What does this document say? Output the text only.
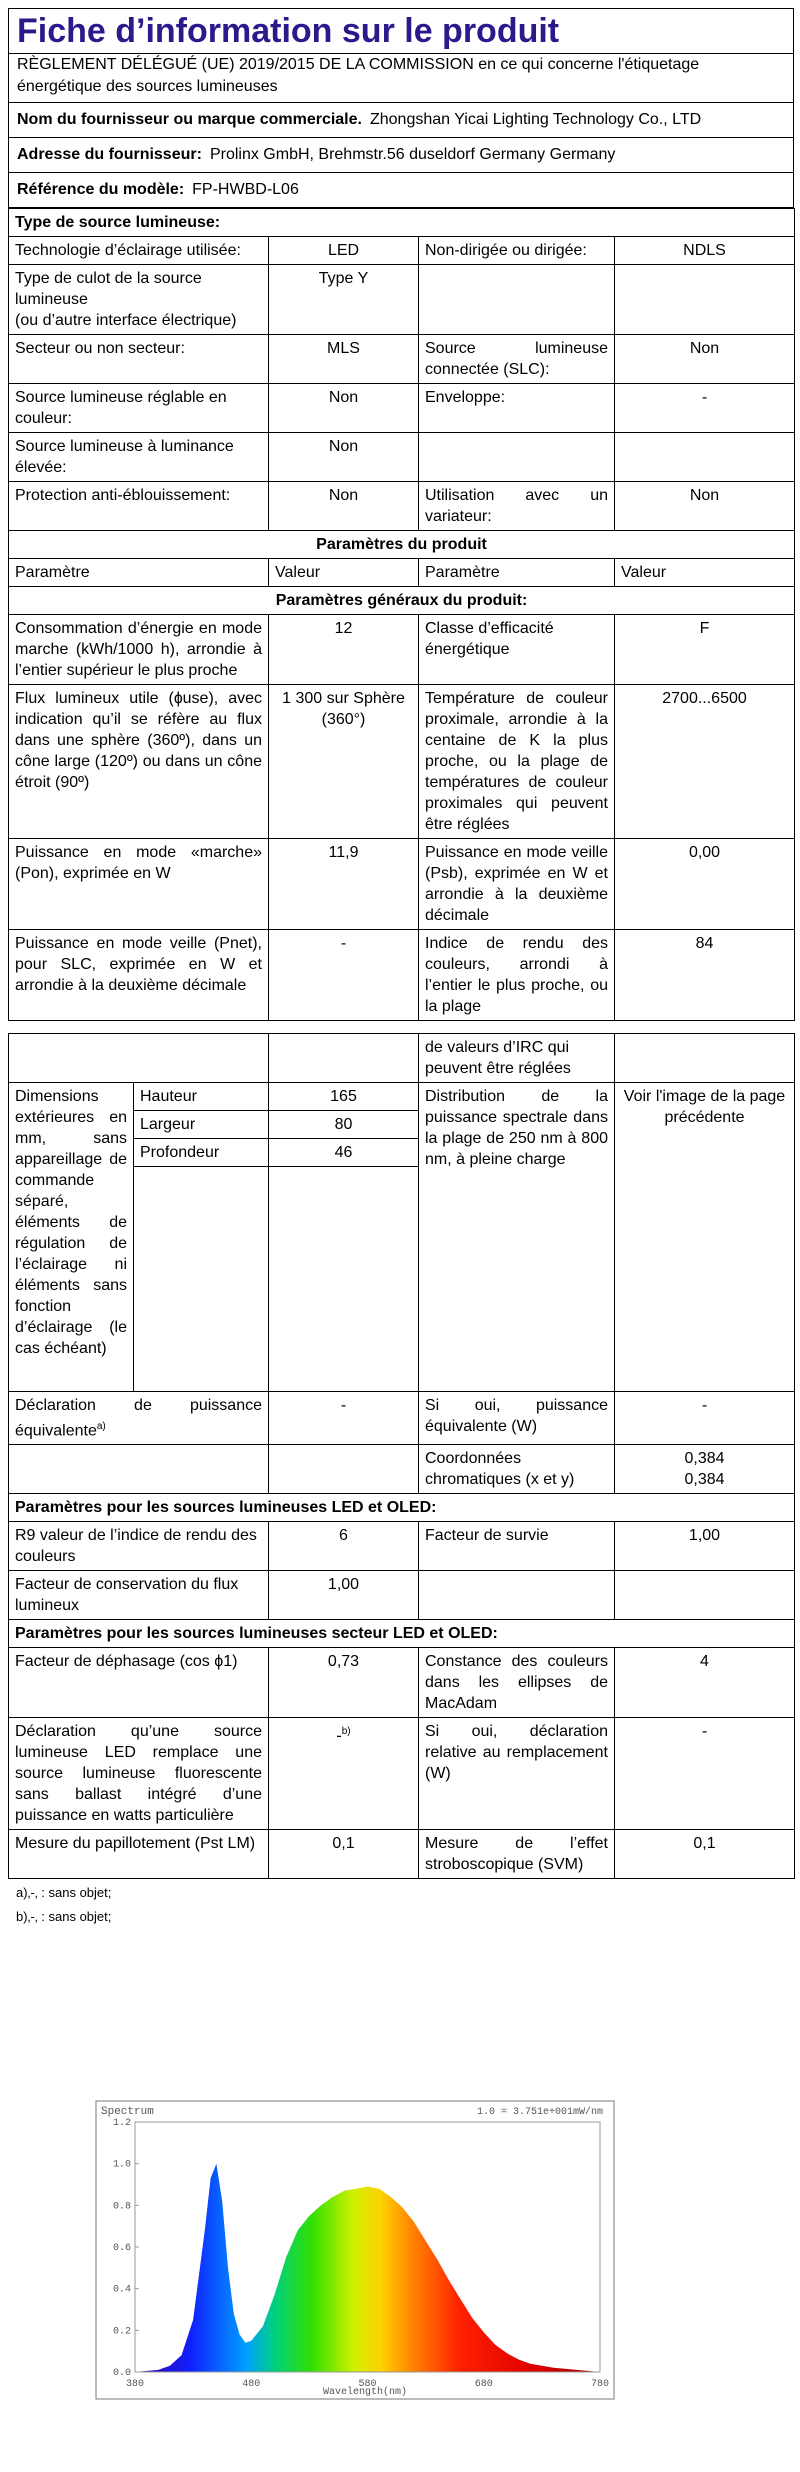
Fiche d’information sur le produit
RÈGLEMENT DÉLÉGUÉ (UE) 2019/2015 DE LA COMMISSION en ce qui concerne l'étiquetage énergétique des sources lumineuses
Nom du fournisseur ou marque commerciale. Zhongshan Yicai Lighting Technology Co., LTD
Adresse du fournisseur: Prolinx GmbH, Brehmstr.56 duseldorf Germany Germany
Référence du modèle: FP-HWBD-L06
Type de source lumineuse:			
Technologie d’éclairage utilisée:	LED	Non-dirigée ou dirigée:	NDLS

Type de culot de la source lumineuse
(ou d’autre interface électrique)	Type Y		
Secteur ou non secteur:	MLS	Source lumineuse connectée (SLC):	Non
Source lumineuse réglable en couleur:	Non	Enveloppe:	-
Source lumineuse à luminance élevée:	Non		
Protection anti-éblouissement:	Non	Utilisation avec un variateur:	Non
Paramètres du produit			
Paramètre	Valeur	Paramètre	Valeur
Paramètres généraux du produit:			
Consommation d’énergie en mode marche (kWh/1000 h), arrondie à l’entier supérieur le plus proche	12	Classe d’efficacité énergétique	F
Flux lumineux utile (ɸuse), avec indication qu’il se réfère au flux dans une sphère (360º), dans un cône large (120º) ou dans un cône étroit (90º)	1 300 sur Sphère (360°)	Température de couleur proximale, arrondie à la centaine de K la plus proche, ou la plage de températures de couleur proximales qui peuvent être réglées	2700...6500
Puissance en mode «marche» (Pon), exprimée en W	11,9	Puissance en mode veille (Psb), exprimée en W et arrondie à la deuxième décimale	0,00
Puissance en mode veille (Pnet), pour SLC, exprimée en W et arrondie à la deuxième décimale	-	Indice de rendu des couleurs, arrondi à l’entier le plus proche, ou la plage	84
			de valeurs d’IRC qui peuvent être réglées	
Dimensions extérieures en mm, sans appareillage de commande séparé, éléments de régulation de l’éclairage ni éléments sans fonction d’éclairage (le cas échéant)	Hauteur	165	Distribution de la puissance spectrale dans la plage de 250 nm à 800 nm, à pleine charge	Voir l'image de la page précédente
	Largeur	80		
	Profondeur	46		

Déclaration de puissance équivalente$^{a)}$		-	Si oui, puissance équivalente (W)	-
			Coordonnées chromatiques (x et y)	0,384
0,384

Paramètres pour les sources lumineuses LED et OLED:				
R9 valeur de l’indice de rendu des couleurs		6	Facteur de survie	1,00
Facteur de conservation du flux lumineux		1,00		
Paramètres pour les sources lumineuses secteur LED et OLED:				
Facteur de déphasage (cos ϕ1)		0,73	Constance des couleurs dans les ellipses de MacAdam	4
Déclaration qu’une source lumineuse LED remplace une source lumineuse fluorescente sans ballast intégré d’une puissance en watts particulière		-$^{b)}$	Si oui, déclaration relative au remplacement (W)	-
Mesure du papillotement (Pst LM)		0,1	Mesure de l’effet stroboscopique (SVM)	0,1
a)‚-‚ : sans objet;
b)‚-‚ : sans objet;
Spectrum	1.0 = 3.751e+001mW/nm
0.0
0.2
0.4
0.6
0.8
1.0
1.2
380	480	580	680	780
Wavelength(nm)
